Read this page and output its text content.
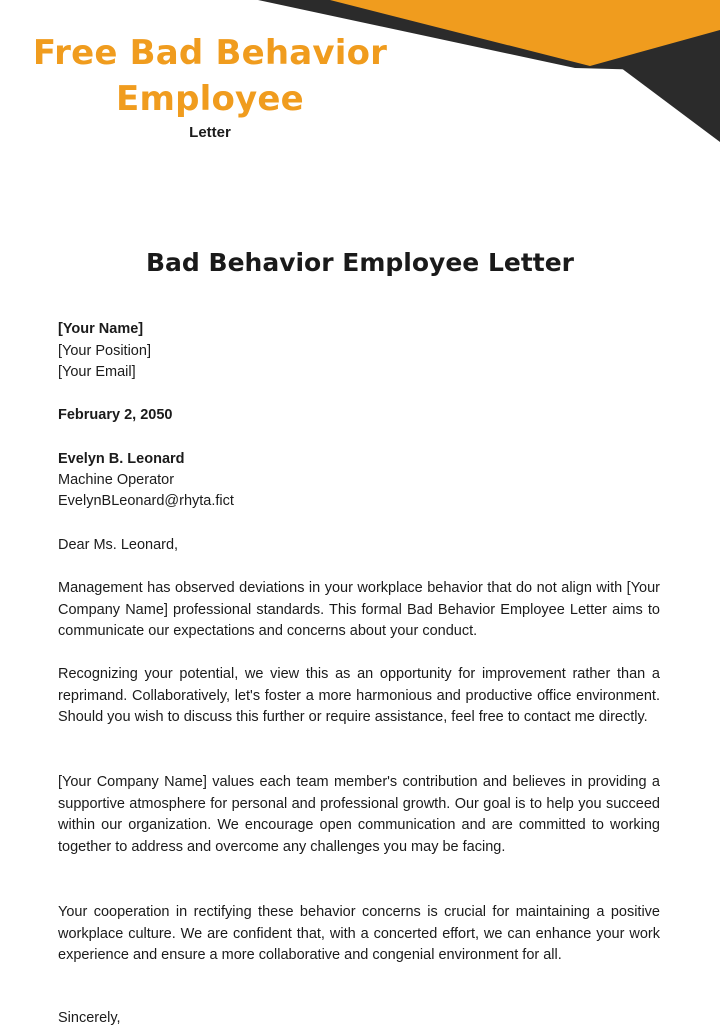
Free Bad Behavior Employee
Letter
Bad Behavior Employee Letter
[Your Name]
[Your Position]
[Your Email]
February 2, 2050
Evelyn B. Leonard
Machine Operator
EvelynBLeonard@rhyta.fict
Dear Ms. Leonard,

Management has observed deviations in your workplace behavior that do not align with [Your Company Name] professional standards. This formal Bad Behavior Employee Letter aims to communicate our expectations and concerns about your conduct.

Recognizing your potential, we view this as an opportunity for improvement rather than a reprimand. Collaboratively, let's foster a more harmonious and productive office environment. Should you wish to discuss this further or require assistance, feel free to contact me directly.

[Your Company Name] values each team member's contribution and believes in providing a supportive atmosphere for personal and professional growth. Our goal is to help you succeed within our organization. We encourage open communication and are committed to working together to address and overcome any challenges you may be facing.

Your cooperation in rectifying these behavior concerns is crucial for maintaining a positive workplace culture. We are confident that, with a concerted effort, we can enhance your work experience and ensure a more collaborative and congenial environment for all.

Sincerely,
